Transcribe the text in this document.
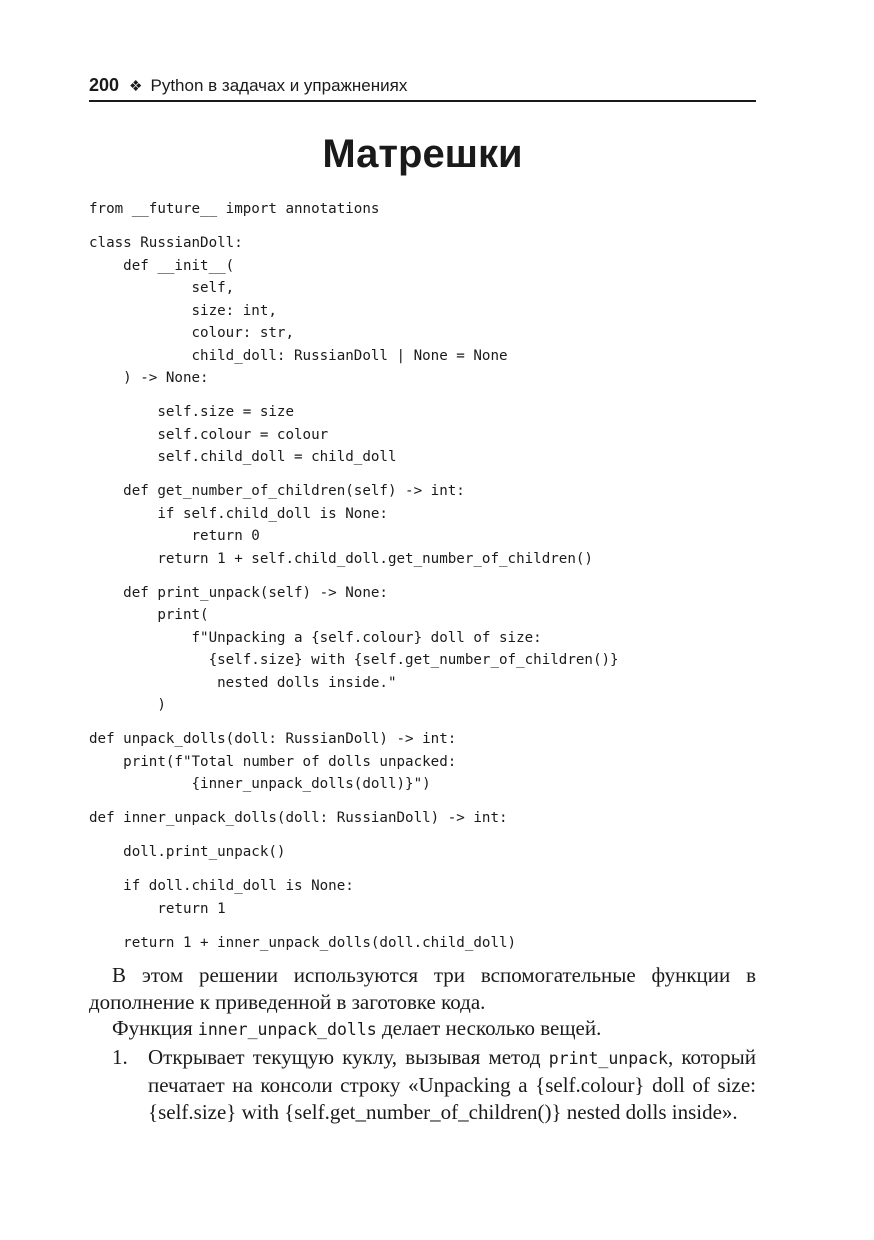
200 ❖ Python в задачах и упражнениях
Матрешки
from __future__ import annotations
class RussianDoll:
def __init__(
self,
size: int,
colour: str,
child_doll: RussianDoll | None = None
) -> None:
self.size = size
self.colour = colour
self.child_doll = child_doll
def get_number_of_children(self) -> int:
if self.child_doll is None:
return 0
return 1 + self.child_doll.get_number_of_children()
def print_unpack(self) -> None:
print(
f"Unpacking a {self.colour} doll of size:
{self.size} with {self.get_number_of_children()}
nested dolls inside."
)
def unpack_dolls(doll: RussianDoll) -> int:
print(f"Total number of dolls unpacked:
{inner_unpack_dolls(doll)}")
def inner_unpack_dolls(doll: RussianDoll) -> int:
doll.print_unpack()
if doll.child_doll is None:
return 1
return 1 + inner_unpack_dolls(doll.child_doll)

В этом решении используются три вспомогательные функции в дополнение к приведенной в заготовке кода.

Функция inner_unpack_dolls делает несколько вещей.

1. Открывает текущую куклу, вызывая метод print_unpack, который печатает на консоли строку «Unpacking a {self.colour} doll of size: {self.size} with {self.get_number_of_children()} nested dolls inside».
